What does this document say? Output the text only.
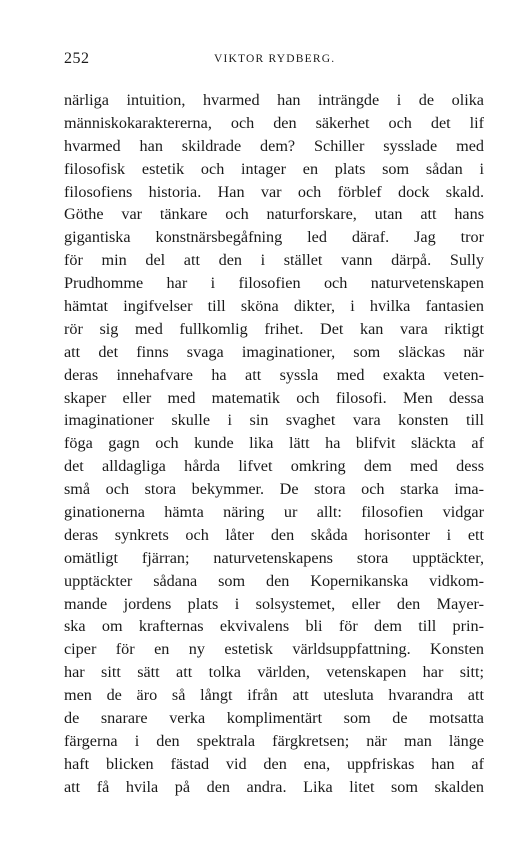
252	VIKTOR RYDBERG.
närliga intuition, hvarmed han inträngde i de olika
människokaraktererna, och den säkerhet och det lif
hvarmed han skildrade dem? Schiller sysslade med
filosofisk estetik och intager en plats som sådan i
filosofiens historia. Han var och förblef dock skald.
Göthe var tänkare och naturforskare, utan att hans
gigantiska konstnärsbegåfning led däraf. Jag tror
för min del att den i stället vann därpå. Sully
Prudhomme har i filosofien och naturvetenskapen
hämtat ingifvelser till sköna dikter, i hvilka fantasien
rör sig med fullkomlig frihet. Det kan vara riktigt
att det finns svaga imaginationer, som släckas när
deras innehafvare ha att syssla med exakta veten-
skaper eller med matematik och filosofi. Men dessa
imaginationer skulle i sin svaghet vara konsten till
föga gagn och kunde lika lätt ha blifvit släckta af
det alldagliga hårda lifvet omkring dem med dess
små och stora bekymmer. De stora och starka ima-
ginationerna hämta näring ur allt: filosofien vidgar
deras synkrets och låter den skåda horisonter i ett
omätligt fjärran; naturvetenskapens stora upptäckter,
upptäckter sådana som den Kopernikanska vidkom-
mande jordens plats i solsystemet, eller den Mayer-
ska om krafternas ekvivalens bli för dem till prin-
ciper för en ny estetisk världsuppfattning. Konsten
har sitt sätt att tolka världen, vetenskapen har sitt;
men de äro så långt ifrån att utesluta hvarandra att
de snarare verka komplimentärt som de motsatta
färgerna i den spektrala färgkretsen; när man länge
haft blicken fästad vid den ena, uppfriskas han af
att få hvila på den andra. Lika litet som skalden
